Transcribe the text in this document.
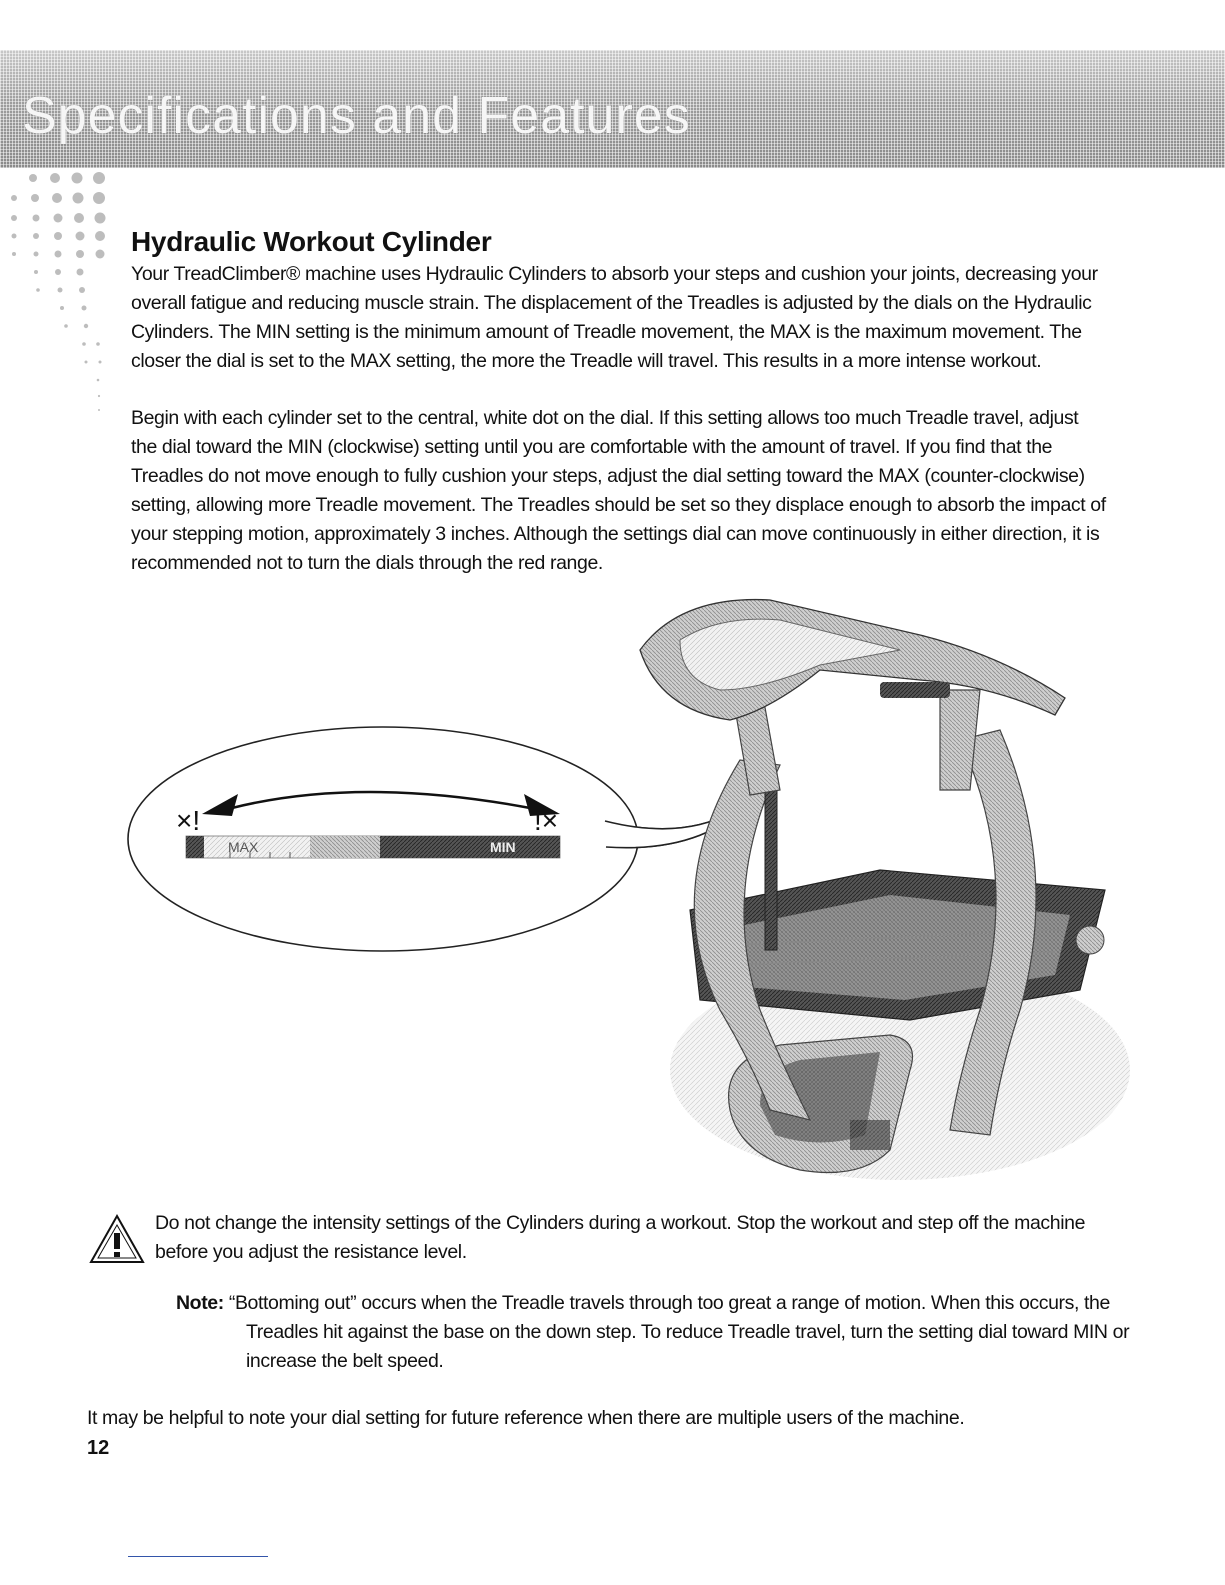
Specifications and Features
Hydraulic Workout Cylinder

Your TreadClimber® machine uses Hydraulic Cylinders to absorb your steps and cushion your joints, decreasing your overall fatigue and reducing muscle strain. The displacement of the Treadles is adjusted by the dials on the Hydraulic Cylinders. The MIN setting is the minimum amount of Treadle movement, the MAX is the maximum movement. The closer the dial is set to the MAX setting, the more the Treadle will travel. This results in a more intense workout.

Begin with each cylinder set to the central, white dot on the dial. If this setting allows too much Treadle travel, adjust the dial toward the MIN (clockwise) setting until you are comfortable with the amount of travel. If you find that the Treadles do not move enough to fully cushion your steps, adjust the dial setting toward the MAX (counter-clockwise) setting, allowing more Treadle movement. The Treadles should be set so they displace enough to absorb the impact of your stepping motion, approximately 3 inches. Although the settings dial can move continuously in either direction, it is recommended not to turn the dials through the red range.

×!	!×
MAX	MIN

Do not change the intensity settings of the Cylinders during a workout. Stop the workout and step off the machine before you adjust the resistance level.

Note: “Bottoming out” occurs when the Treadle travels through too great a range of motion. When this occurs, the Treadles hit against the base on the down step. To reduce Treadle travel, turn the setting dial toward MIN or increase the belt speed.

It may be helpful to note your dial setting for future reference when there are multiple users of the machine.

12
